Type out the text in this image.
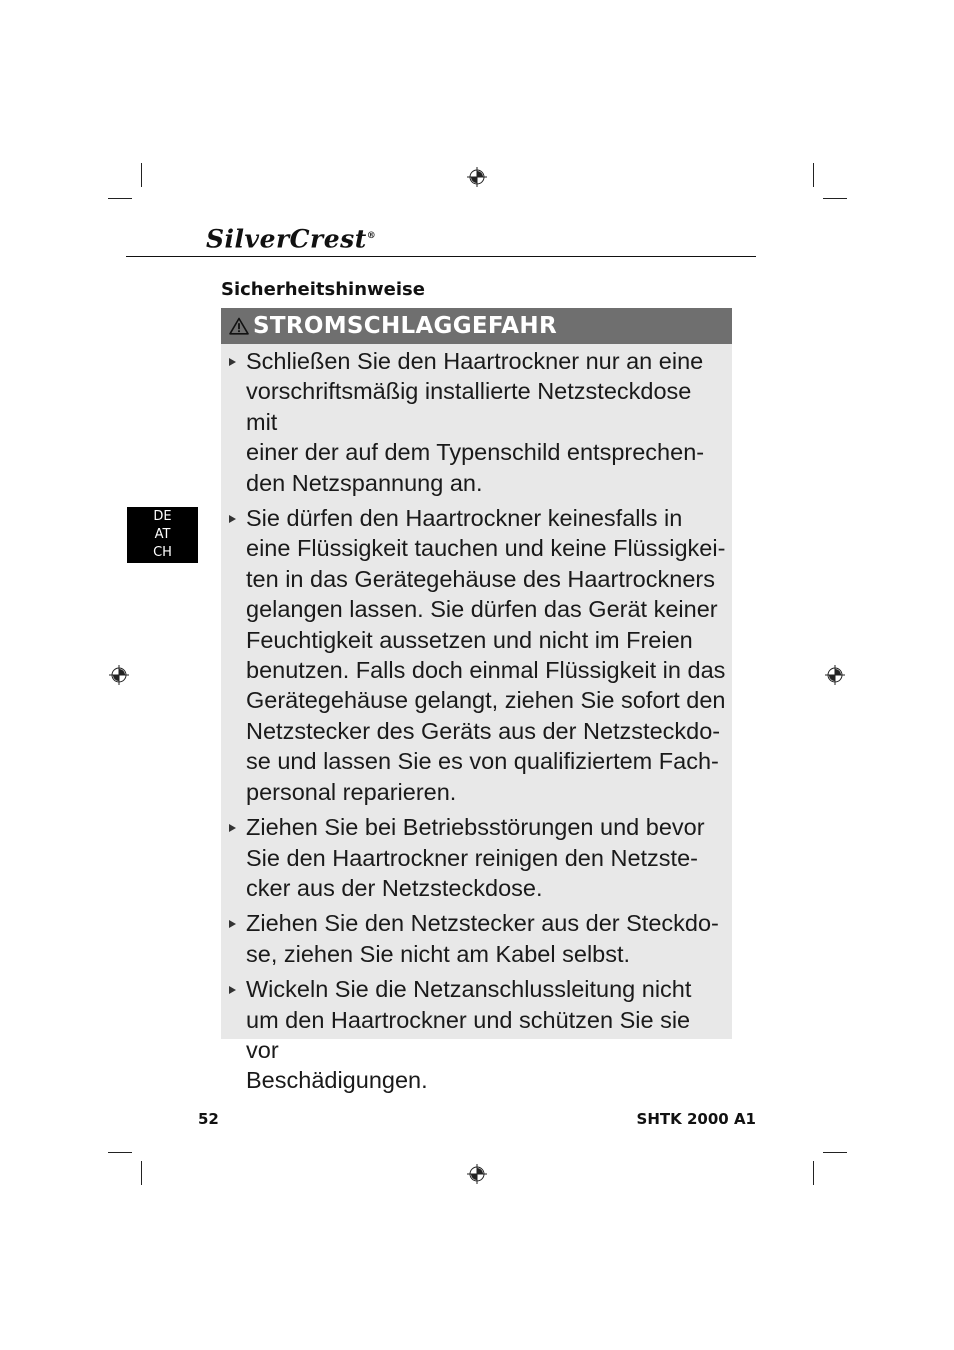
SilverCrest®
Sicherheitshinweise
STROMSCHLAGGEFAHR
Schließen Sie den Haartrockner nur an eine
vorschriftsmäßig installierte Netzsteckdose mit
einer der auf dem Typenschild entsprechen-
den Netzspannung an.
Sie dürfen den Haartrockner keinesfalls in
eine Flüssigkeit tauchen und keine Flüssigkei-
ten in das Gerätegehäuse des Haartrockners
gelangen lassen. Sie dürfen das Gerät keiner
Feuchtigkeit aussetzen und nicht im Freien
benutzen. Falls doch einmal Flüssigkeit in das
Gerätegehäuse gelangt, ziehen Sie sofort den
Netzstecker des Geräts aus der Netzsteckdo-
se und lassen Sie es von qualifiziertem Fach-
personal reparieren.
Ziehen Sie bei Betriebsstörungen und bevor
Sie den Haartrockner reinigen den Netzste-
cker aus der Netzsteckdose.
Ziehen Sie den Netzstecker aus der Steckdo-
se, ziehen Sie nicht am Kabel selbst.
Wickeln Sie die Netzanschlussleitung nicht
um den Haartrockner und schützen Sie sie vor
Beschädigungen.
DE
AT
CH
52	SHTK 2000 A1
